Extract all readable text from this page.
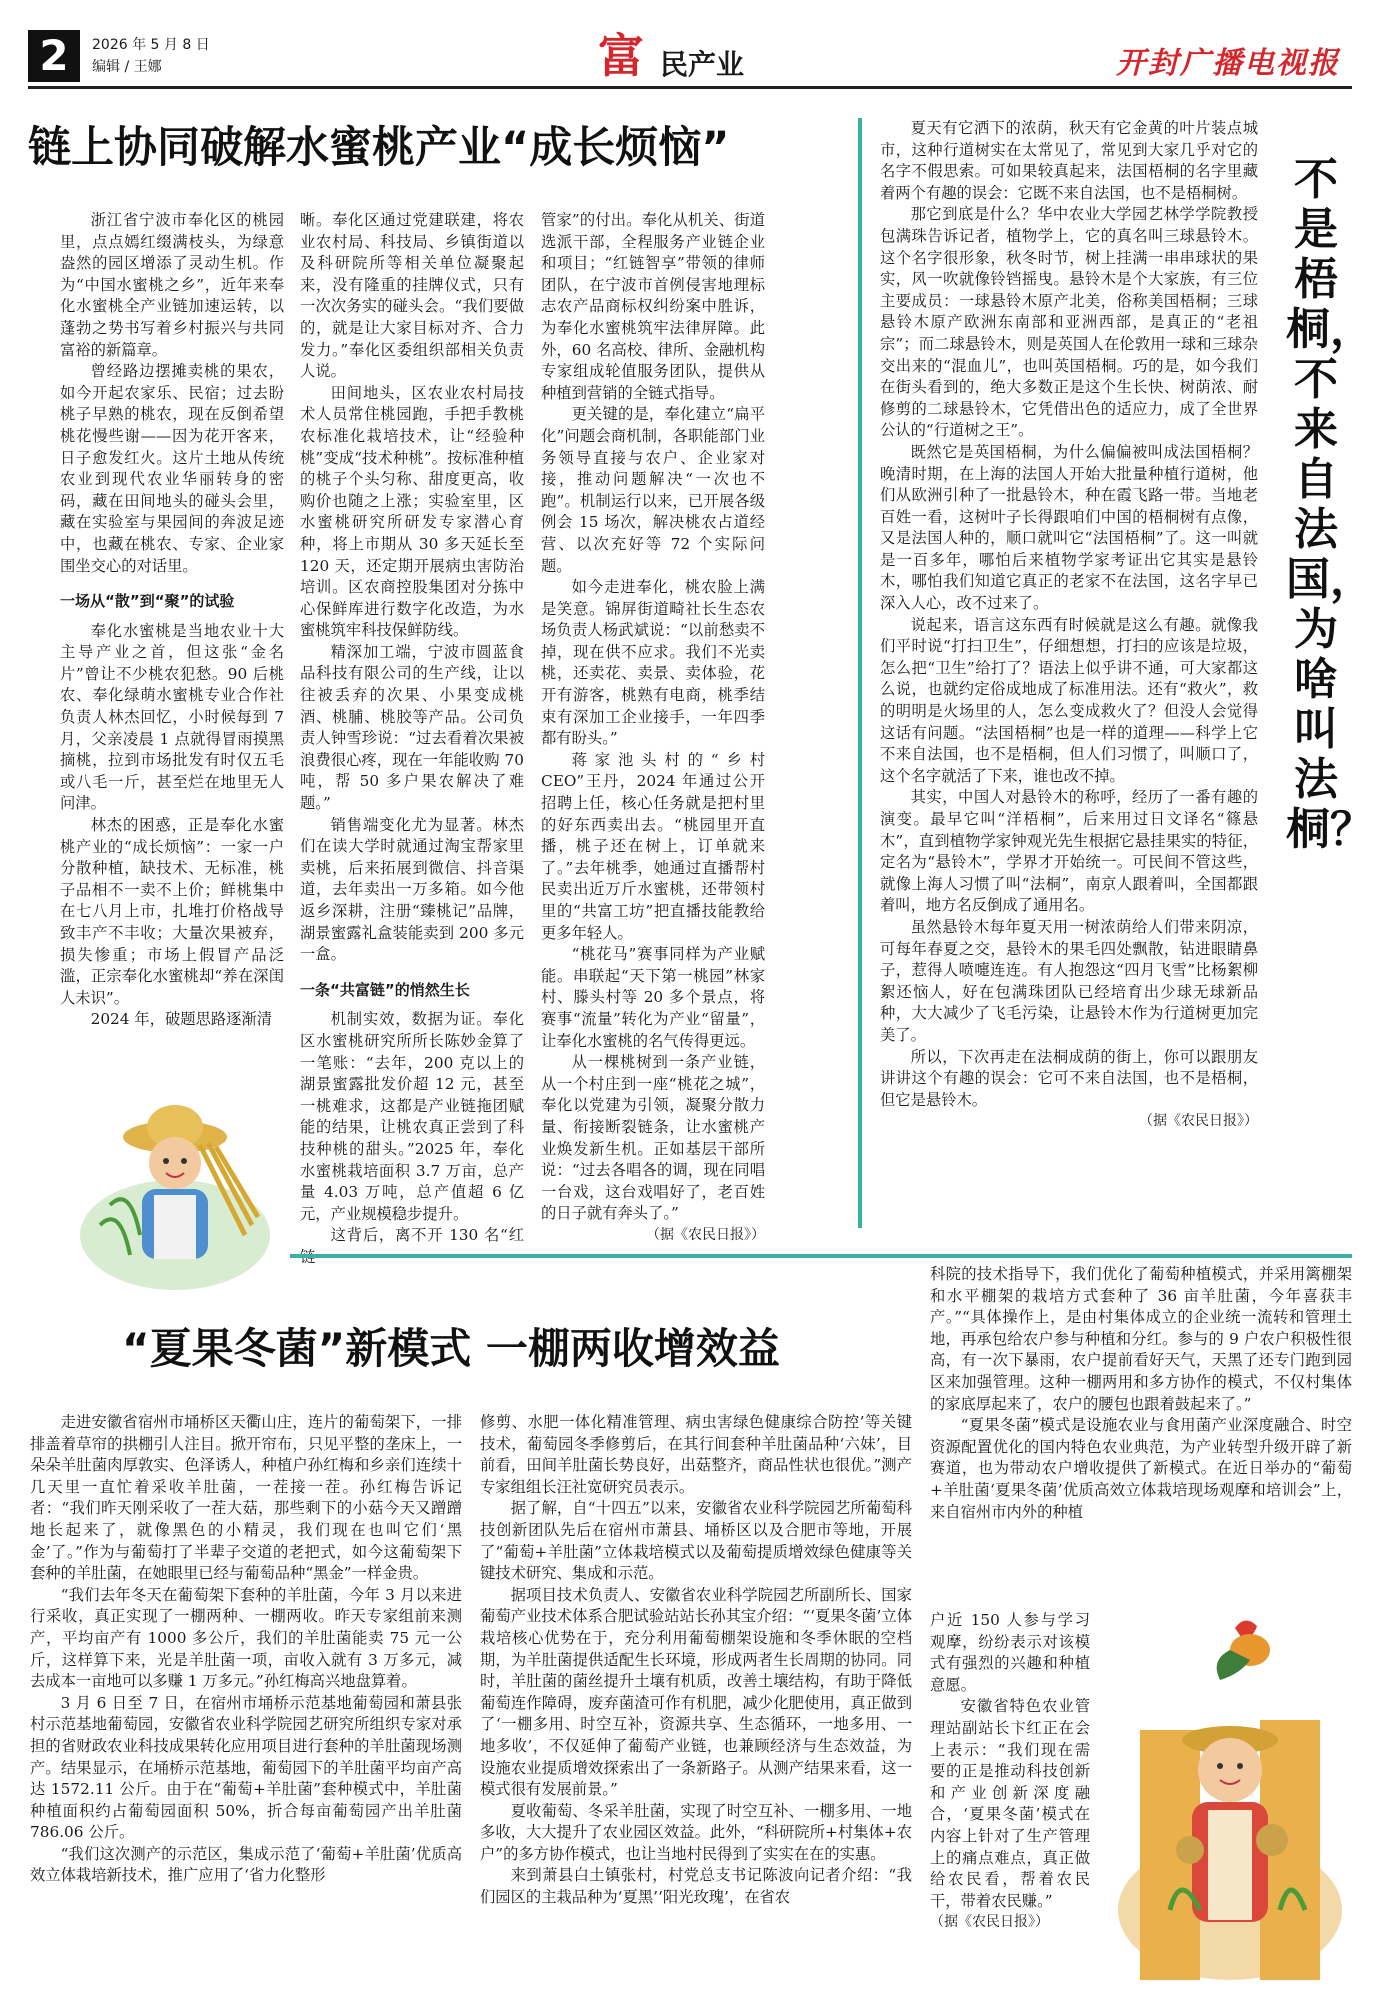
2	2026 年 5 月 8 日
编辑 / 王娜	富 民产业	开封广播电视报
链上协同破解水蜜桃产业“成长烦恼”

浙江省宁波市奉化区的桃园里，点点嫣红缀满枝头，为绿意盎然的园区增添了灵动生机。作为“中国水蜜桃之乡”，近年来奉化水蜜桃全产业链加速运转，以蓬勃之势书写着乡村振兴与共同富裕的新篇章。

曾经路边摆摊卖桃的果农，如今开起农家乐、民宿；过去盼桃子早熟的桃农，现在反倒希望桃花慢些谢——因为花开客来，日子愈发红火。这片土地从传统农业到现代农业华丽转身的密码，藏在田间地头的碰头会里，藏在实验室与果园间的奔波足迹中，也藏在桃农、专家、企业家围坐交心的对话里。

一场从“散”到“聚”的试验

奉化水蜜桃是当地农业十大主导产业之首，但这张“金名片”曾让不少桃农犯愁。90 后桃农、奉化绿萌水蜜桃专业合作社负责人林杰回忆，小时候每到 7 月，父亲凌晨 1 点就得冒雨摸黑摘桃，拉到市场批发有时仅五毛或八毛一斤，甚至烂在地里无人问津。

林杰的困惑，正是奉化水蜜桃产业的“成长烦恼”：一家一户分散种植，缺技术、无标准，桃子品相不一卖不上价；鲜桃集中在七八月上市，扎堆打价格战导致丰产不丰收；大量次果被弃，损失惨重；市场上假冒产品泛滥，正宗奉化水蜜桃却“养在深闺人未识”。

2024 年，破题思路逐渐清

晰。奉化区通过党建联建，将农业农村局、科技局、乡镇街道以及科研院所等相关单位凝聚起来，没有隆重的挂牌仪式，只有一次次务实的碰头会。“我们要做的，就是让大家目标对齐、合力发力。”奉化区委组织部相关负责人说。

田间地头，区农业农村局技术人员常住桃园跑，手把手教桃农标准化栽培技术，让“经验种桃”变成“技术种桃”。按标准种植的桃子个头匀称、甜度更高，收购价也随之上涨；实验室里，区水蜜桃研究所研发专家潜心育种，将上市期从 30 多天延长至 120 天，还定期开展病虫害防治培训。区农商控股集团对分拣中心保鲜库进行数字化改造，为水蜜桃筑牢科技保鲜防线。

精深加工端，宁波市圆蓝食品科技有限公司的生产线，让以往被丢弃的次果、小果变成桃酒、桃脯、桃胶等产品。公司负责人钟雪珍说：“过去看着次果被浪费很心疼，现在一年能收购 70 吨，帮 50 多户果农解决了难题。”

销售端变化尤为显著。林杰们在读大学时就通过淘宝帮家里卖桃，后来拓展到微信、抖音渠道，去年卖出一万多箱。如今他返乡深耕，注册“臻桃记”品牌，湖景蜜露礼盒装能卖到 200 多元一盒。

一条“共富链”的悄然生长

机制实效，数据为证。奉化区水蜜桃研究所所长陈妙金算了一笔账：“去年，200 克以上的湖景蜜露批发价超 12 元，甚至一桃难求，这都是产业链拖团赋能的结果，让桃农真正尝到了科技种桃的甜头。”2025 年，奉化水蜜桃栽培面积 3.7 万亩，总产量 4.03 万吨，总产值超 6 亿元，产业规模稳步提升。

这背后，离不开 130 名“红

管家”的付出。奉化从机关、街道选派干部，全程服务产业链企业和项目；“红链智享”带领的律师团队，在宁波市首例侵害地理标志农产品商标权纠纷案中胜诉，为奉化水蜜桃筑牢法律屏障。此外，60 名高校、律所、金融机构专家组成轮值服务团队，提供从种植到营销的全链式指导。

更关键的是，奉化建立“扁平化”问题会商机制，各职能部门业务领导直接与农户、企业家对接，推动问题解决“一次也不跑”。机制运行以来，已开展各级例会 15 场次，解决桃农占道经营、以次充好等 72 个实际问题。

如今走进奉化，桃农脸上满是笑意。锦屏街道畸社长生态农场负责人杨武斌说：“以前愁卖不掉，现在供不应求。我们不光卖桃，还卖花、卖景、卖体验，花开有游客，桃熟有电商，桃季结束有深加工企业接手，一年四季都有盼头。”

蒋家池头村的“乡村 CEO”王丹，2024 年通过公开招聘上任，核心任务就是把村里的好东西卖出去。“桃园里开直播，桃子还在树上，订单就来了。”去年桃季，她通过直播帮村民卖出近万斤水蜜桃，还带领村里的“共富工坊”把直播技能教给更多年轻人。

“桃花马”赛事同样为产业赋能。串联起“天下第一桃园”林家村、滕头村等 20 多个景点，将赛事“流量”转化为产业“留量”，让奉化水蜜桃的名气传得更远。

从一棵桃树到一条产业链，从一个村庄到一座“桃花之城”，奉化以党建为引领，凝聚分散力量、衔接断裂链条，让水蜜桃产业焕发新生机。正如基层干部所说：“过去各唱各的调，现在同唱一台戏，这台戏唱好了，老百姓的日子就有奔头了。”

（据《农民日报》）

夏天有它洒下的浓荫，秋天有它金黄的叶片装点城市，这种行道树实在太常见了，常见到大家几乎对它的名字不假思索。可如果较真起来，法国梧桐的名字里藏着两个有趣的误会：它既不来自法国，也不是梧桐树。

那它到底是什么？华中农业大学园艺林学学院教授包满珠告诉记者，植物学上，它的真名叫三球悬铃木。这个名字很形象，秋冬时节，树上挂满一串串球状的果实，风一吹就像铃铛摇曳。悬铃木是个大家族，有三位主要成员：一球悬铃木原产北美，俗称美国梧桐；三球悬铃木原产欧洲东南部和亚洲西部，是真正的“老祖宗”；而二球悬铃木，则是英国人在伦敦用一球和三球杂交出来的“混血儿”，也叫英国梧桐。巧的是，如今我们在街头看到的，绝大多数正是这个生长快、树荫浓、耐修剪的二球悬铃木，它凭借出色的适应力，成了全世界公认的“行道树之王”。

既然它是英国梧桐，为什么偏偏被叫成法国梧桐？晚清时期，在上海的法国人开始大批量种植行道树，他们从欧洲引种了一批悬铃木，种在霞飞路一带。当地老百姓一看，这树叶子长得跟咱们中国的梧桐树有点像，又是法国人种的，顺口就叫它“法国梧桐”了。这一叫就是一百多年，哪怕后来植物学家考证出它其实是悬铃木，哪怕我们知道它真正的老家不在法国，这名字早已深入人心，改不过来了。

说起来，语言这东西有时候就是这么有趣。就像我们平时说“打扫卫生”，仔细想想，打扫的应该是垃圾，怎么把“卫生”给打了？语法上似乎讲不通，可大家都这么说，也就约定俗成地成了标准用法。还有“救火”，救的明明是火场里的人，怎么变成救火了？但没人会觉得这话有问题。“法国梧桐”也是一样的道理——科学上它不来自法国，也不是梧桐，但人们习惯了，叫顺口了，这个名字就活了下来，谁也改不掉。

其实，中国人对悬铃木的称呼，经历了一番有趣的演变。最早它叫“洋梧桐”，后来用过日文译名“篠悬木”，直到植物学家钟观光先生根据它悬挂果实的特征，定名为“悬铃木”，学界才开始统一。可民间不管这些，就像上海人习惯了叫“法桐”，南京人跟着叫，全国都跟着叫，地方名反倒成了通用名。

虽然悬铃木每年夏天用一树浓荫给人们带来阴凉，可每年春夏之交，悬铃木的果毛四处飘散，钻进眼睛鼻子，惹得人喷嚏连连。有人抱怨这“四月飞雪”比杨絮柳絮还恼人，好在包满珠团队已经培育出少球无球新品种，大大减少了飞毛污染，让悬铃木作为行道树更加完美了。

所以，下次再走在法桐成荫的街上，你可以跟朋友讲讲这个有趣的误会：它可不来自法国，也不是梧桐，但它是悬铃木。

（据《农民日报》）

不是梧桐，不来自法国，为啥叫法桐？
“夏果冬菌”新模式 一棚两收增效益

走进安徽省宿州市埇桥区天衢山庄，连片的葡萄架下，一排排盖着草帘的拱棚引人注目。掀开帘布，只见平整的垄床上，一朵朵羊肚菌肉厚敦实、色泽诱人，种植户孙红梅和乡亲们连续十几天里一直忙着采收羊肚菌，一茬接一茬。孙红梅告诉记者：“我们昨天刚采收了一茬大菇，那些剩下的小菇今天又蹭蹭地长起来了，就像黑色的小精灵，我们现在也叫它们‘黑金’了。”作为与葡萄打了半辈子交道的老把式，如今这葡萄架下套种的羊肚菌，在她眼里已经与葡萄品种“黑金”一样金贵。

“我们去年冬天在葡萄架下套种的羊肚菌，今年 3 月以来进行采收，真正实现了一棚两种、一棚两收。昨天专家组前来测产，平均亩产有 1000 多公斤，我们的羊肚菌能卖 75 元一公斤，这样算下来，光是羊肚菌一项，亩收入就有 3 万多元，减去成本一亩地可以多赚 1 万多元。”孙红梅高兴地盘算着。

3 月 6 日至 7 日，在宿州市埇桥示范基地葡萄园和萧县张村示范基地葡萄园，安徽省农业科学院园艺研究所组织专家对承担的省财政农业科技成果转化应用项目进行套种的羊肚菌现场测产。结果显示，在埇桥示范基地，葡萄园下的羊肚菌平均亩产高达 1572.11 公斤。由于在“葡萄+羊肚菌”套种模式中，羊肚菌种植面积约占葡萄园面积 50%，折合每亩葡萄园产出羊肚菌 786.06 公斤。

“我们这次测产的示范区，集成示范了‘葡萄+羊肚菌’优质高效立体栽培新技术，推广应用了‘省力化整形

修剪、水肥一体化精准管理、病虫害绿色健康综合防控’等关键技术，葡萄园冬季修剪后，在其行间套种羊肚菌品种‘六妹’，目前看，田间羊肚菌长势良好，出菇整齐，商品性状也很优。”测产专家组组长汪社宽研究员表示。

据了解，自“十四五”以来，安徽省农业科学院园艺所葡萄科技创新团队先后在宿州市萧县、埇桥区以及合肥市等地，开展了“葡萄+羊肚菌”立体栽培模式以及葡萄提质增效绿色健康等关键技术研究、集成和示范。

据项目技术负责人、安徽省农业科学院园艺所副所长、国家葡萄产业技术体系合肥试验站站长孙其宝介绍：“‘夏果冬菌’立体栽培核心优势在于，充分利用葡萄棚架设施和冬季休眠的空档期，为羊肚菌提供适配生长环境，形成两者生长周期的协同。同时，羊肚菌的菌丝提升土壤有机质，改善土壤结构，有助于降低葡萄连作障碍，废弃菌渣可作有机肥，减少化肥使用，真正做到了‘一棚多用、时空互补，资源共享、生态循环，一地多用、一地多收’，不仅延伸了葡萄产业链，也兼顾经济与生态效益，为设施农业提质增效探索出了一条新路子。从测产结果来看，这一模式很有发展前景。”

夏收葡萄、冬采羊肚菌，实现了时空互补、一棚多用、一地多收，大大提升了农业园区效益。此外，“科研院所+村集体+农户”的多方协作模式，也让当地村民得到了实实在在的实惠。

来到萧县白土镇张村，村党总支书记陈波向记者介绍：“我们园区的主栽品种为‘夏黑’‘阳光玫瑰’，在省农

科院的技术指导下，我们优化了葡萄种植模式，并采用篱棚架和水平棚架的栽培方式套种了 36 亩羊肚菌，今年喜获丰产。”“具体操作上，是由村集体成立的企业统一流转和管理土地，再承包给农户参与种植和分红。参与的 9 户农户积极性很高，有一次下暴雨，农户提前看好天气，天黑了还专门跑到园区来加强管理。这种一棚两用和多方协作的模式，不仅村集体的家底厚起来了，农户的腰包也跟着鼓起来了。”

“夏果冬菌”模式是设施农业与食用菌产业深度融合、时空资源配置优化的国内特色农业典范，为产业转型升级开辟了新赛道，也为带动农户增收提供了新模式。在近日举办的“葡萄+羊肚菌‘夏果冬菌’优质高效立体栽培现场观摩和培训会”上，来自宿州市内外的种植

户近 150 人参与学习观摩，纷纷表示对该模式有强烈的兴趣和种植意愿。

安徽省特色农业管理站副站长卞红正在会上表示：“我们现在需要的正是推动科技创新和产业创新深度融合，‘夏果冬菌’模式在内容上针对了生产管理上的痛点难点，真正做给农民看，帮着农民干，带着农民赚。”

（据《农民日报》）
